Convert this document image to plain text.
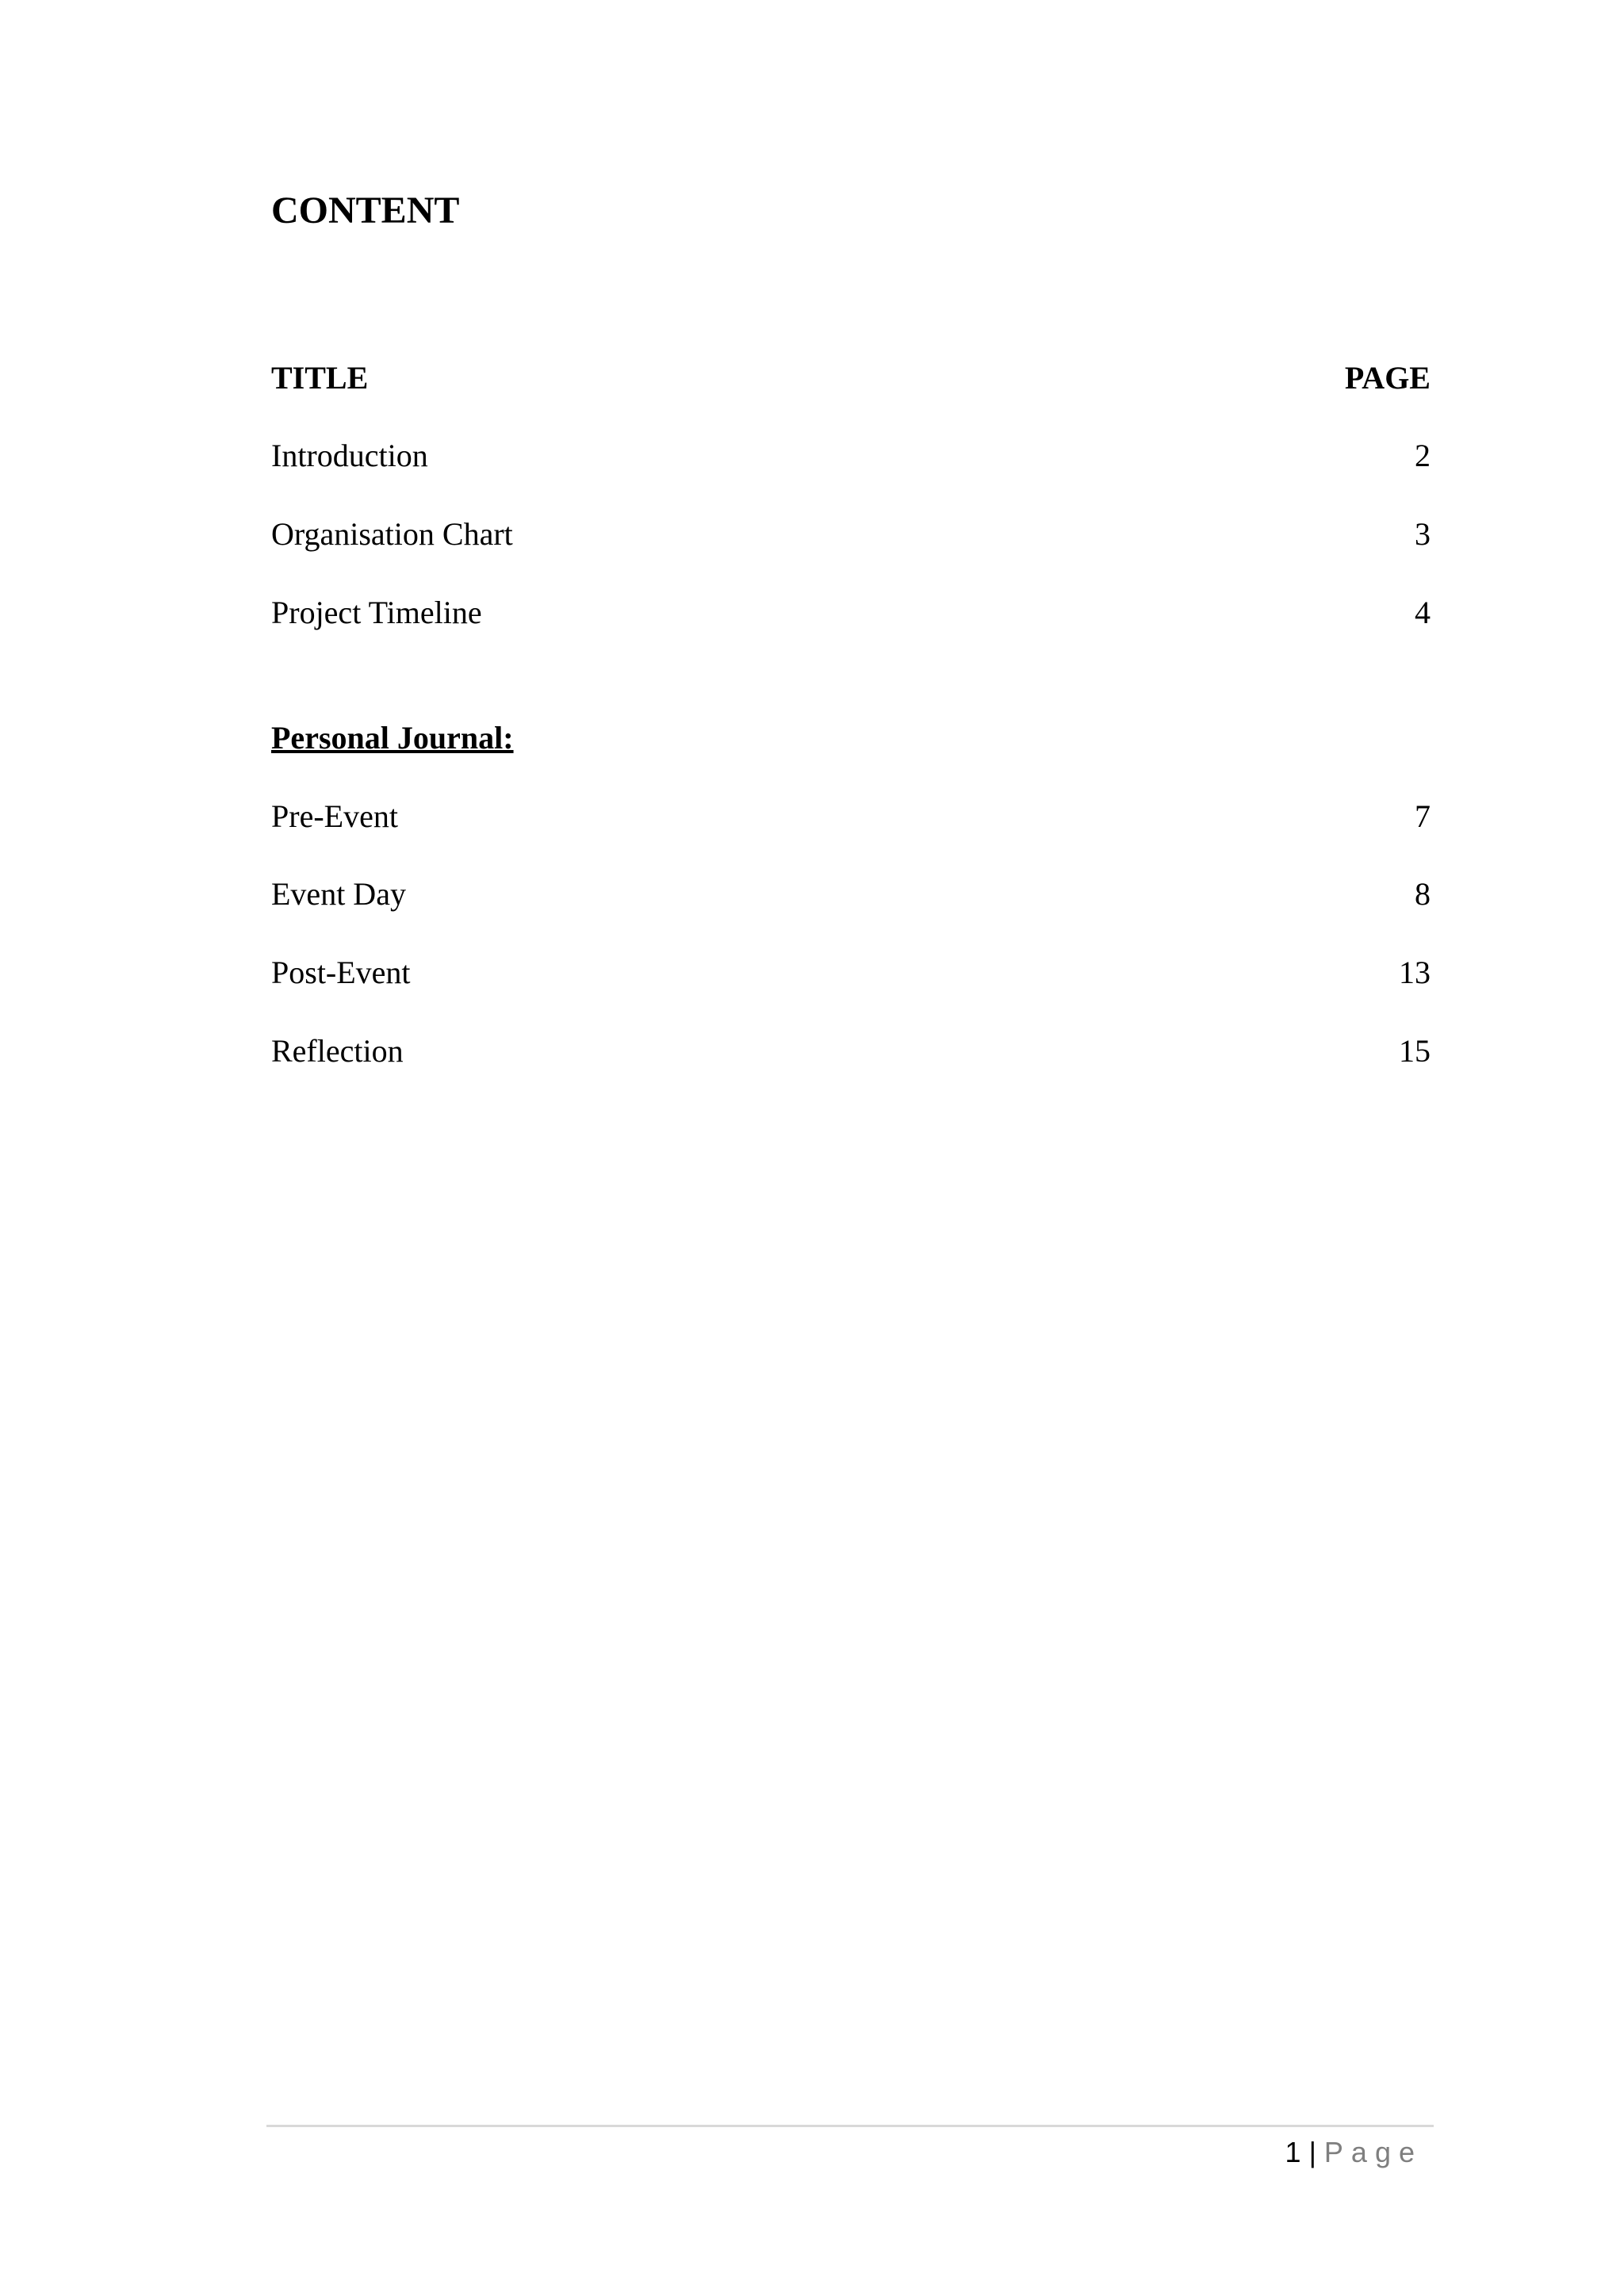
CONTENT
TITLE	PAGE
Introduction	2
Organisation Chart	3
Project Timeline	4
Personal Journal:
Pre-Event	7
Event Day	8
Post-Event	13
Reflection	15
1 | Page
